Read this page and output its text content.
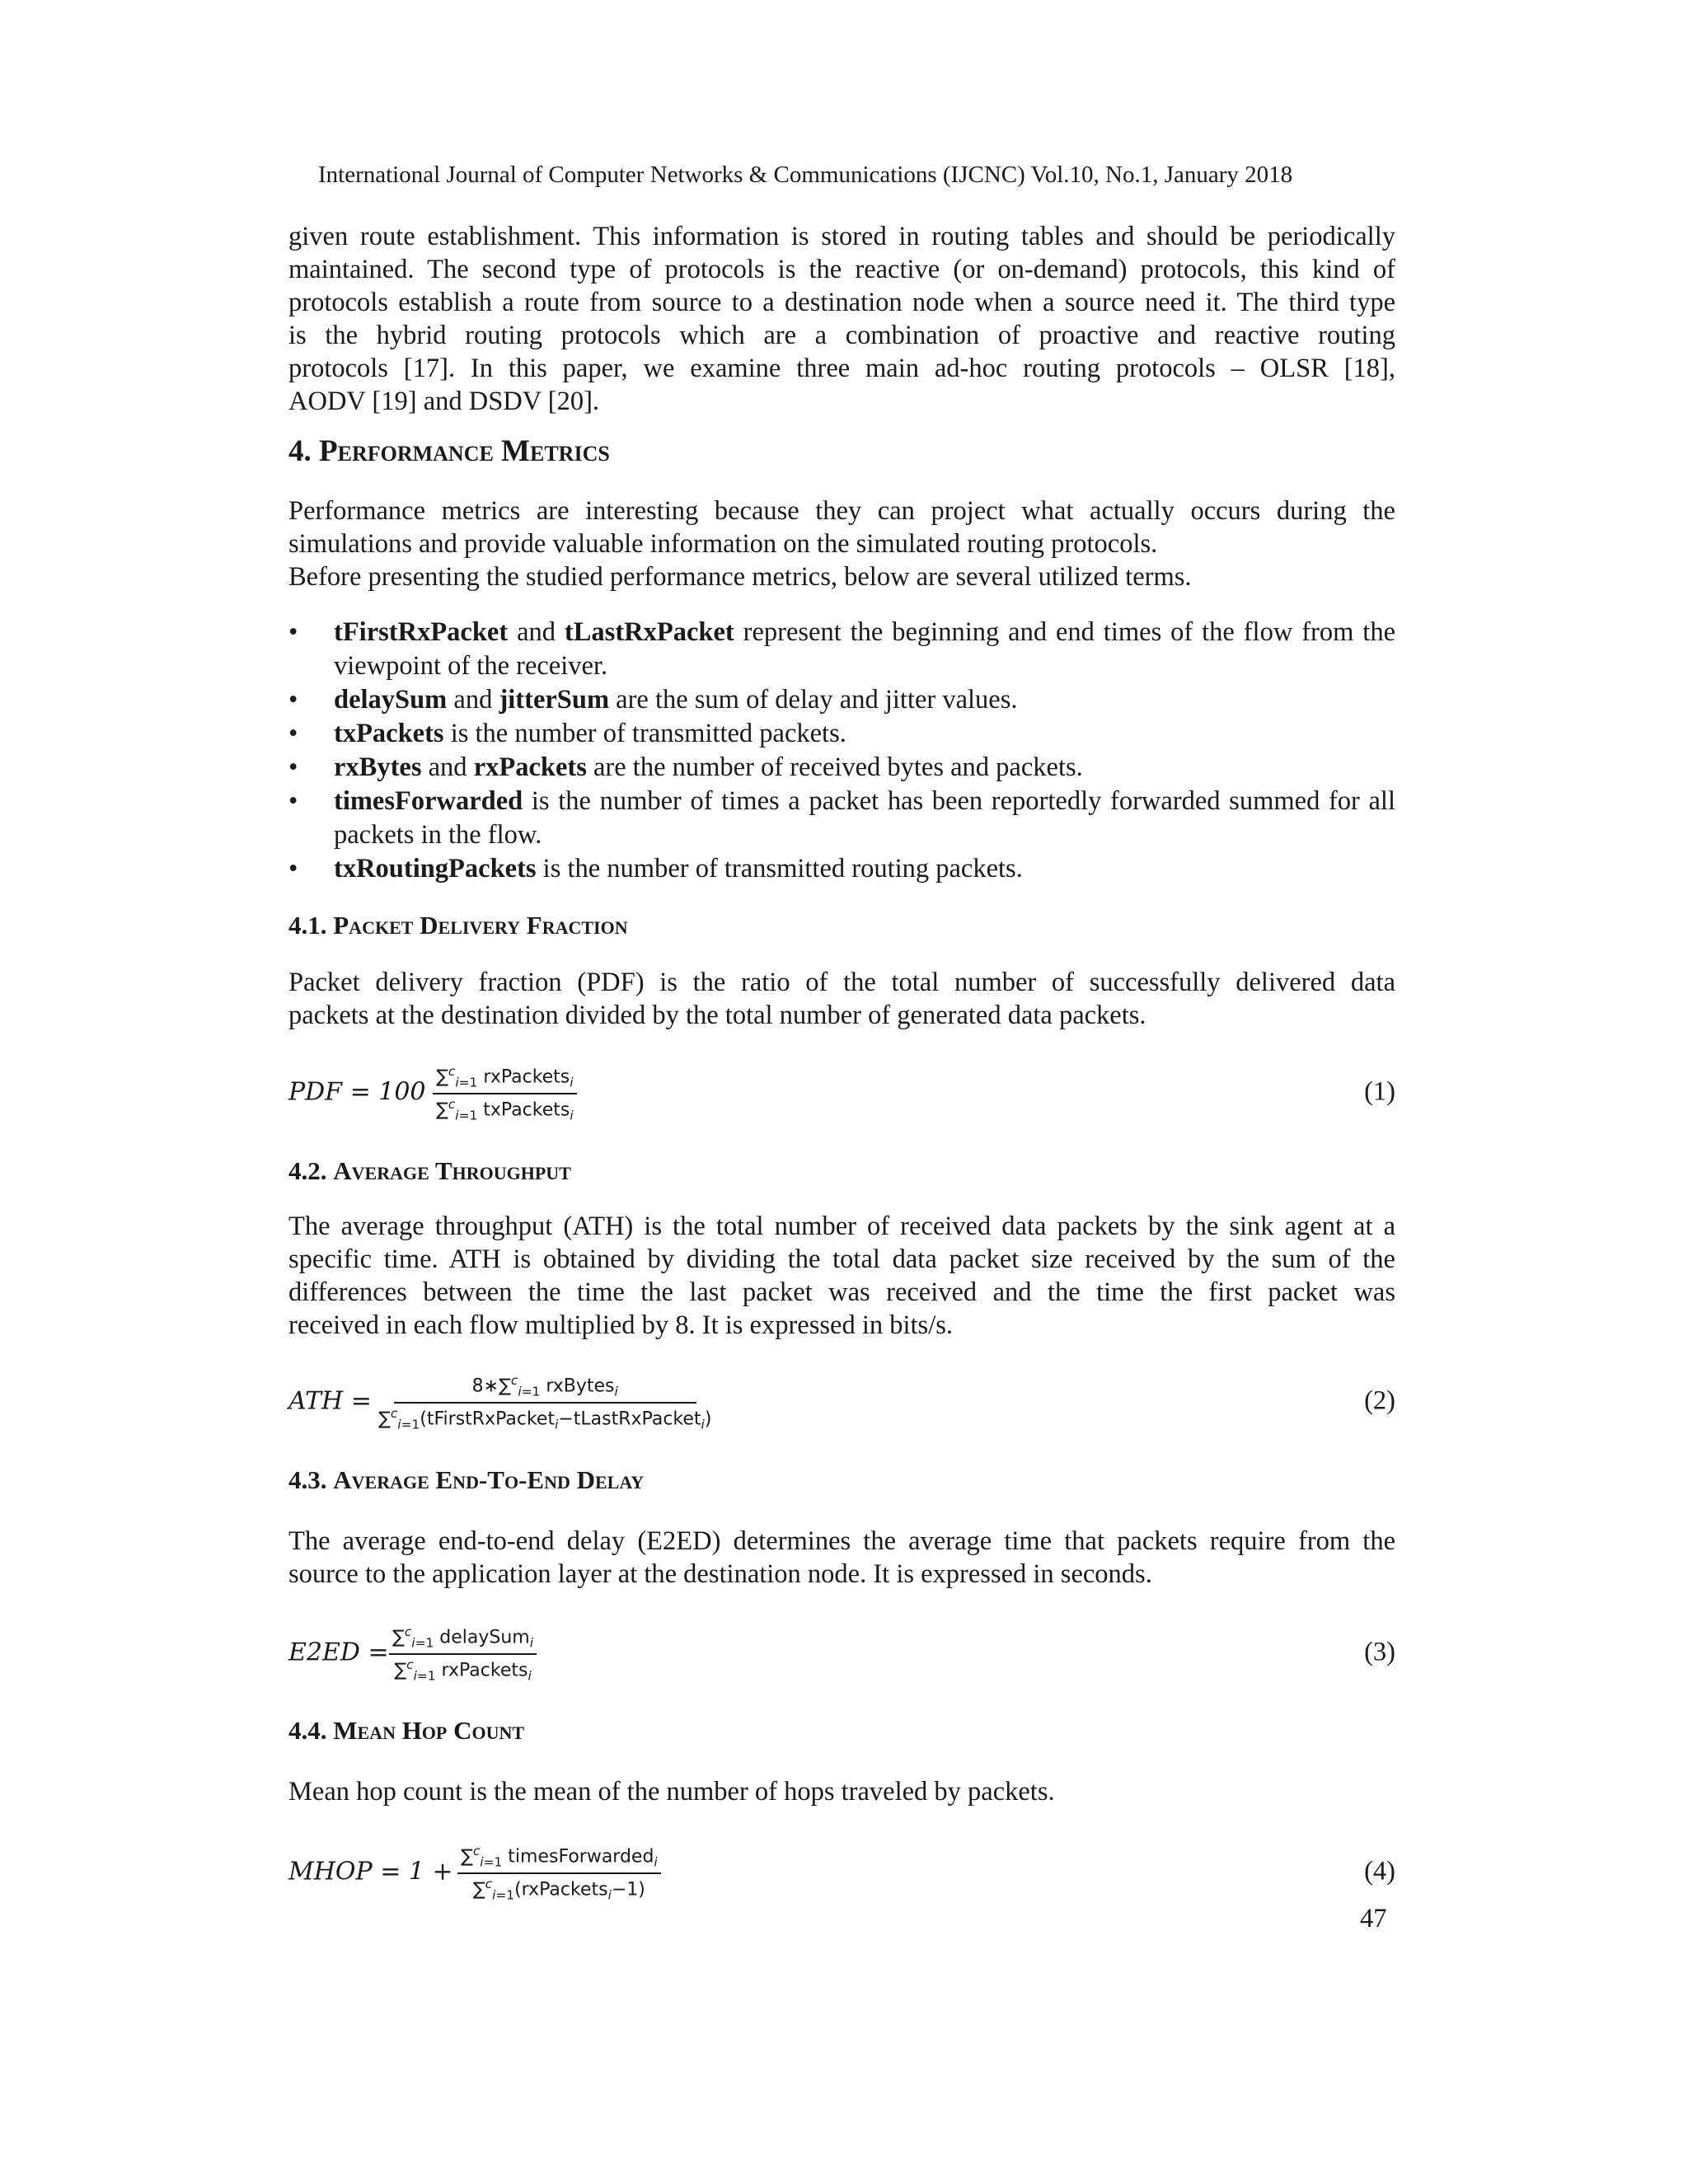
International Journal of Computer Networks & Communications (IJCNC) Vol.10, No.1, January 2018
given route establishment. This information is stored in routing tables and should be periodically
maintained. The second type of protocols is the reactive (or on-demand) protocols, this kind of
protocols establish a route from source to a destination node when a source need it. The third type
is the hybrid routing protocols which are a combination of proactive and reactive routing
protocols [17]. In this paper, we examine three main ad-hoc routing protocols – OLSR [18],
AODV [19] and DSDV [20].
4. Performance Metrics
Performance metrics are interesting because they can project what actually occurs during the
simulations and provide valuable information on the simulated routing protocols.
Before presenting the studied performance metrics, below are several utilized terms.
• tFirstRxPacket and tLastRxPacket represent the beginning and end times of the flow from the viewpoint of the receiver.
• delaySum and jitterSum are the sum of delay and jitter values.
• txPackets is the number of transmitted packets.
• rxBytes and rxPackets are the number of received bytes and packets.
• timesForwarded is the number of times a packet has been reportedly forwarded summed for all packets in the flow.
• txRoutingPackets is the number of transmitted routing packets.
4.1. Packet Delivery Fraction
Packet delivery fraction (PDF) is the ratio of the total number of successfully delivered data
packets at the destination divided by the total number of generated data packets.
PDF = 100
∑$^c_{i=1}$ rxPackets$_i$
∑$^c_{i=1}$ txPackets$_i$
(1)
4.2. Average Throughput
The average throughput (ATH) is the total number of received data packets by the sink agent at a
specific time. ATH is obtained by dividing the total data packet size received by the sum of the
differences between the time the last packet was received and the time the first packet was
received in each flow multiplied by 8. It is expressed in bits/s.
ATH =
8∗∑$^c_{i=1}$ rxBytes$_i$
∑$^c_{i=1}$(tFirstRxPacket$_i$−tLastRxPacket$_i$)
(2)
4.3. Average End-To-End Delay
The average end-to-end delay (E2ED) determines the average time that packets require from the
source to the application layer at the destination node. It is expressed in seconds.
E2ED =
∑$^c_{i=1}$ delaySum$_i$
∑$^c_{i=1}$ rxPackets$_i$
(3)
4.4. Mean Hop Count
Mean hop count is the mean of the number of hops traveled by packets.
MHOP = 1 +
∑$^c_{i=1}$ timesForwarded$_i$
∑$^c_{i=1}$(rxPackets$_i$−1)
(4)
47
